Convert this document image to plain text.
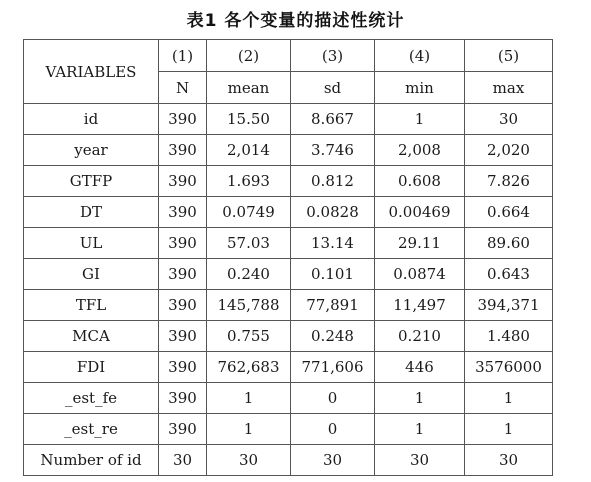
表1 各个变量的描述性统计
VARIABLES	(1)	(2)	(3)	(4)	(5)
	N	mean	sd	min	max
id	390	15.50	8.667	1	30
year	390	2,014	3.746	2,008	2,020
GTFP	390	1.693	0.812	0.608	7.826
DT	390	0.0749	0.0828	0.00469	0.664
UL	390	57.03	13.14	29.11	89.60
GI	390	0.240	0.101	0.0874	0.643
TFL	390	145,788	77,891	11,497	394,371
MCA	390	0.755	0.248	0.210	1.480
FDI	390	762,683	771,606	446	3576000
_est_fe	390	1	0	1	1
_est_re	390	1	0	1	1
Number of id	30	30	30	30	30
